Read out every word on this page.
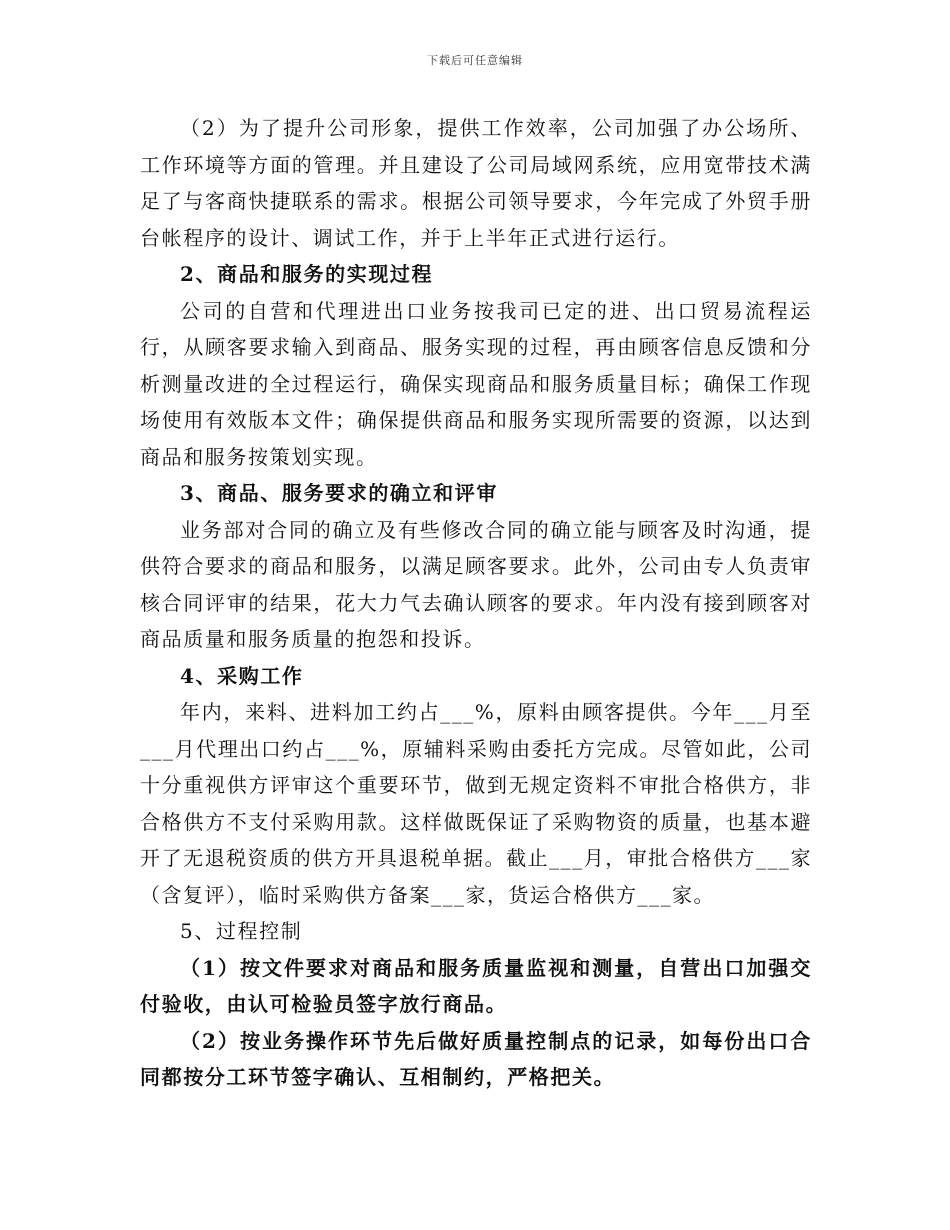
下载后可任意编辑

（2）为了提升公司形象，提供工作效率，公司加强了办公场所、工作环境等方面的管理。并且建设了公司局域网系统，应用宽带技术满足了与客商快捷联系的需求。根据公司领导要求，今年完成了外贸手册台帐程序的设计、调试工作，并于上半年正式进行运行。

2、商品和服务的实现过程

公司的自营和代理进出口业务按我司已定的进、出口贸易流程运行，从顾客要求输入到商品、服务实现的过程，再由顾客信息反馈和分析测量改进的全过程运行，确保实现商品和服务质量目标；确保工作现场使用有效版本文件；确保提供商品和服务实现所需要的资源，以达到商品和服务按策划实现。

3、商品、服务要求的确立和评审

业务部对合同的确立及有些修改合同的确立能与顾客及时沟通，提供符合要求的商品和服务，以满足顾客要求。此外，公司由专人负责审核合同评审的结果，花大力气去确认顾客的要求。年内没有接到顾客对商品质量和服务质量的抱怨和投诉。

4、采购工作

年内，来料、进料加工约占___%，原料由顾客提供。今年___月至___月代理出口约占___%，原辅料采购由委托方完成。尽管如此，公司十分重视供方评审这个重要环节，做到无规定资料不审批合格供方，非合格供方不支付采购用款。这样做既保证了采购物资的质量，也基本避开了无退税资质的供方开具退税单据。截止___月，审批合格供方___家（含复评），临时采购供方备案___家，货运合格供方___家。

5、过程控制

（1）按文件要求对商品和服务质量监视和测量，自营出口加强交付验收，由认可检验员签字放行商品。

（2）按业务操作环节先后做好质量控制点的记录，如每份出口合同都按分工环节签字确认、互相制约，严格把关。
